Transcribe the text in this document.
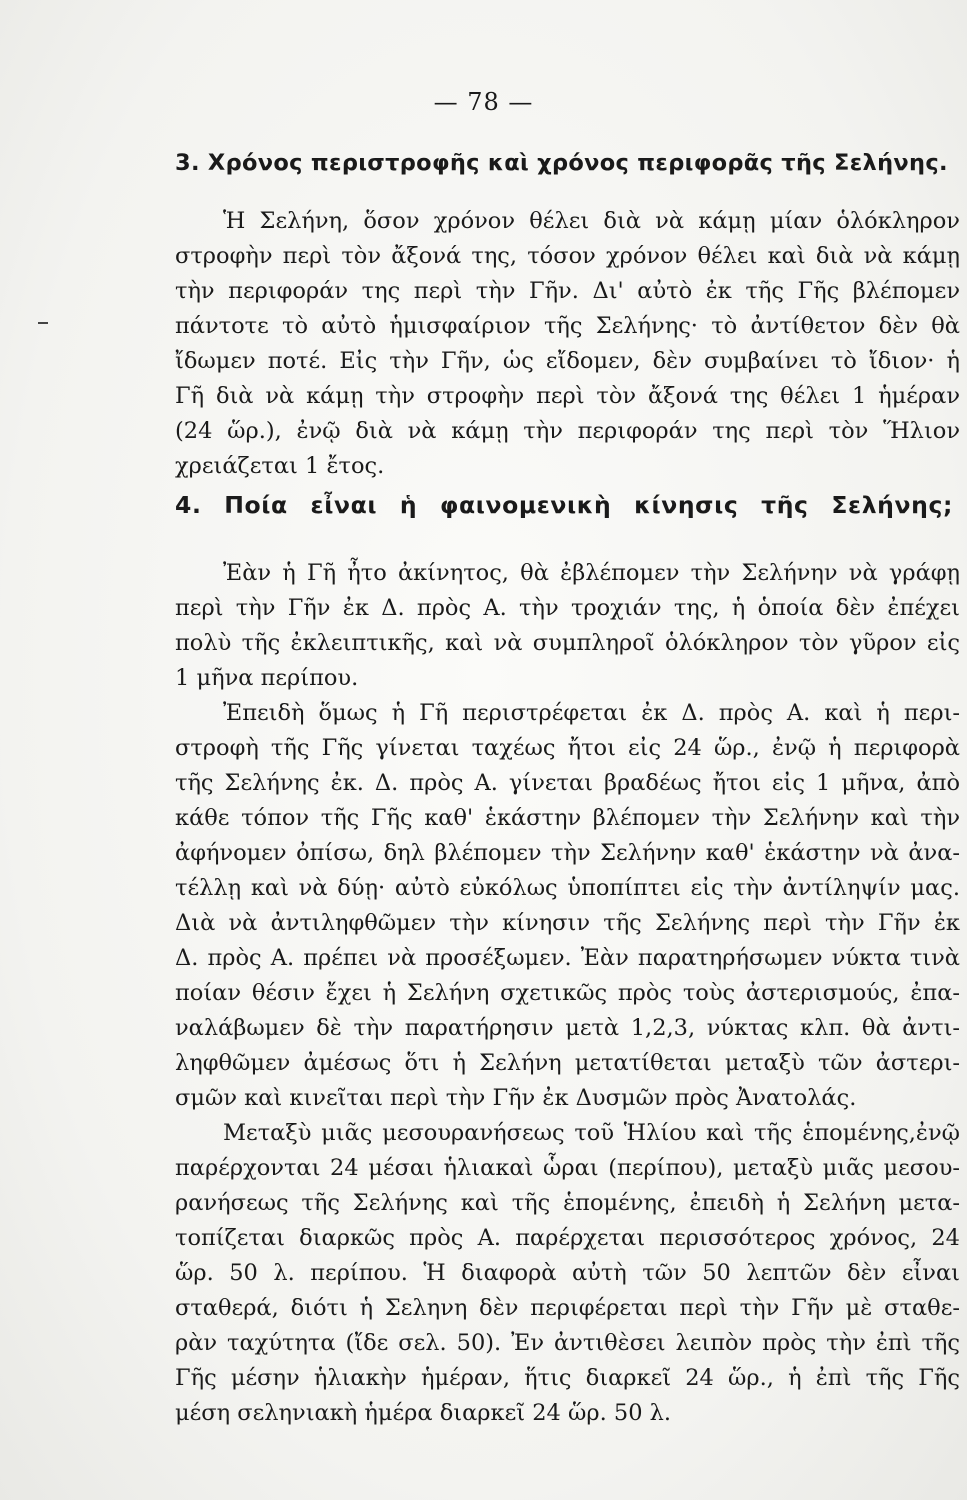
— 78 —
3. Χρόνος περιστροφῆς καὶ χρόνος περιφορᾶς τῆς Σελήνης.
Ἡ Σελήνη, ὅσον χρόνον θέλει διὰ νὰ κάμῃ μίαν ὁλόκληρον
στροφὴν περὶ τὸν ἄξονά της, τόσον χρόνον θέλει καὶ διὰ νὰ κάμῃ
τὴν περιφοράν της περὶ τὴν Γῆν. Δι' αὐτὸ ἐκ τῆς Γῆς βλέπομεν
πάντοτε τὸ αὐτὸ ἡμισφαίριον τῆς Σελήνης· τὸ ἀντίθετον δὲν θὰ
ἴδωμεν ποτέ. Εἰς τὴν Γῆν, ὡς εἴδομεν, δὲν συμβαίνει τὸ ἴδιον· ἡ
Γῆ διὰ νὰ κάμῃ τὴν στροφὴν περὶ τὸν ἄξονά της θέλει 1 ἡμέραν
(24 ὥρ.), ἐνῷ διὰ νὰ κάμῃ τὴν περιφοράν της περὶ τὸν Ἥλιον
χρειάζεται 1 ἔτος.
4. Ποία εἶναι ἡ φαινομενικὴ κίνησις τῆς Σελήνης;
Ἐὰν ἡ Γῆ ἦτο ἀκίνητος, θὰ ἐβλέπομεν τὴν Σελήνην νὰ γράφῃ
περὶ τὴν Γῆν ἐκ Δ. πρὸς Α. τὴν τροχιάν της, ἡ ὁποία δὲν ἐπέχει
πολὺ τῆς ἐκλειπτικῆς, καὶ νὰ συμπληροῖ ὁλόκληρον τὸν γῦρον εἰς
1 μῆνα περίπου.
Ἐπειδὴ ὅμως ἡ Γῆ περιστρέφεται ἐκ Δ. πρὸς Α. καὶ ἡ περι-
στροφὴ τῆς Γῆς γίνεται ταχέως ἤτοι εἰς 24 ὥρ., ἐνῷ ἡ περιφορὰ
τῆς Σελήνης ἐκ. Δ. πρὸς Α. γίνεται βραδέως ἤτοι εἰς 1 μῆνα, ἀπὸ
κάθε τόπον τῆς Γῆς καθ' ἑκάστην βλέπομεν τὴν Σελήνην καὶ τὴν
ἀφήνομεν ὀπίσω, δηλ βλέπομεν τὴν Σελήνην καθ' ἑκάστην νὰ ἀνα-
τέλλῃ καὶ νὰ δύῃ· αὐτὸ εὐκόλως ὑποπίπτει εἰς τὴν ἀντίληψίν μας.
Διὰ νὰ ἀντιληφθῶμεν τὴν κίνησιν τῆς Σελήνης περὶ τὴν Γῆν ἐκ
Δ. πρὸς Α. πρέπει νὰ προσέξωμεν. Ἐὰν παρατηρήσωμεν νύκτα τινὰ
ποίαν θέσιν ἔχει ἡ Σελήνη σχετικῶς πρὸς τοὺς ἀστερισμούς, ἐπα-
ναλάβωμεν δὲ τὴν παρατήρησιν μετὰ 1,2,3, νύκτας κλπ. θὰ ἀντι-
ληφθῶμεν ἀμέσως ὅτι ἡ Σελήνη μετατίθεται μεταξὺ τῶν ἀστερι-
σμῶν καὶ κινεῖται περὶ τὴν Γῆν ἐκ Δυσμῶν πρὸς Ἀνατολάς.
Μεταξὺ μιᾶς μεσουρανήσεως τοῦ Ἡλίου καὶ τῆς ἑπομένης,ἐνῷ
παρέρχονται 24 μέσαι ἡλιακαὶ ὧραι (περίπου), μεταξὺ μιᾶς μεσου-
ρανήσεως τῆς Σελήνης καὶ τῆς ἑπομένης, ἐπειδὴ ἡ Σελήνη μετα-
τοπίζεται διαρκῶς πρὸς Α. παρέρχεται περισσότερος χρόνος, 24
ὥρ. 50 λ. περίπου. Ἡ διαφορὰ αὐτὴ τῶν 50 λεπτῶν δὲν εἶναι
σταθερά, διότι ἡ Σεληνη δὲν περιφέρεται περὶ τὴν Γῆν μὲ σταθε-
ρὰν ταχύτητα (ἴδε σελ. 50). Ἐν ἀντιθὲσει λειπὸν πρὸς τὴν ἐπὶ τῆς
Γῆς μέσην ἡλιακὴν ἡμέραν, ἥτις διαρκεῖ 24 ὥρ., ἡ ἐπὶ τῆς Γῆς
μέση σεληνιακὴ ἡμέρα διαρκεῖ 24 ὥρ. 50 λ.
